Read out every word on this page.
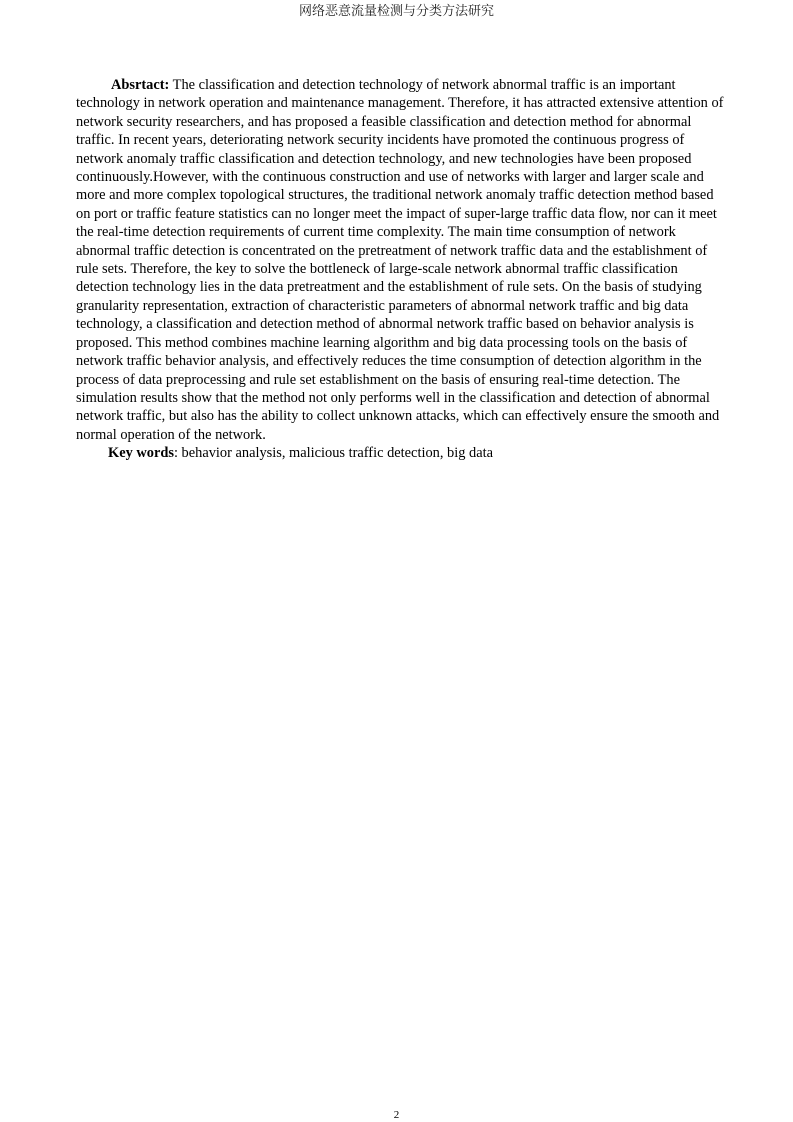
网络恶意流量检测与分类方法研究

Absrtact: The classification and detection technology of network abnormal traffic is an important technology in network operation and maintenance management. Therefore, it has attracted extensive attention of network security researchers, and has proposed a feasible classification and detection method for abnormal traffic. In recent years, deteriorating network security incidents have promoted the continuous progress of network anomaly traffic classification and detection technology, and new technologies have been proposed continuously.However, with the continuous construction and use of networks with larger and larger scale and more and more complex topological structures, the traditional network anomaly traffic detection method based on port or traffic feature statistics can no longer meet the impact of super-large traffic data flow, nor can it meet the real-time detection requirements of current time complexity. The main time consumption of network abnormal traffic detection is concentrated on the pretreatment of network traffic data and the establishment of rule sets. Therefore, the key to solve the bottleneck of large-scale network abnormal traffic classification detection technology lies in the data pretreatment and the establishment of rule sets. On the basis of studying granularity representation, extraction of characteristic parameters of abnormal network traffic and big data technology, a classification and detection method of abnormal network traffic based on behavior analysis is proposed. This method combines machine learning algorithm and big data processing tools on the basis of network traffic behavior analysis, and effectively reduces the time consumption of detection algorithm in the process of data preprocessing and rule set establishment on the basis of ensuring real-time detection. The simulation results show that the method not only performs well in the classification and detection of abnormal network traffic, but also has the ability to collect unknown attacks, which can effectively ensure the smooth and normal operation of the network.

Key words: behavior analysis, malicious traffic detection, big data

2
